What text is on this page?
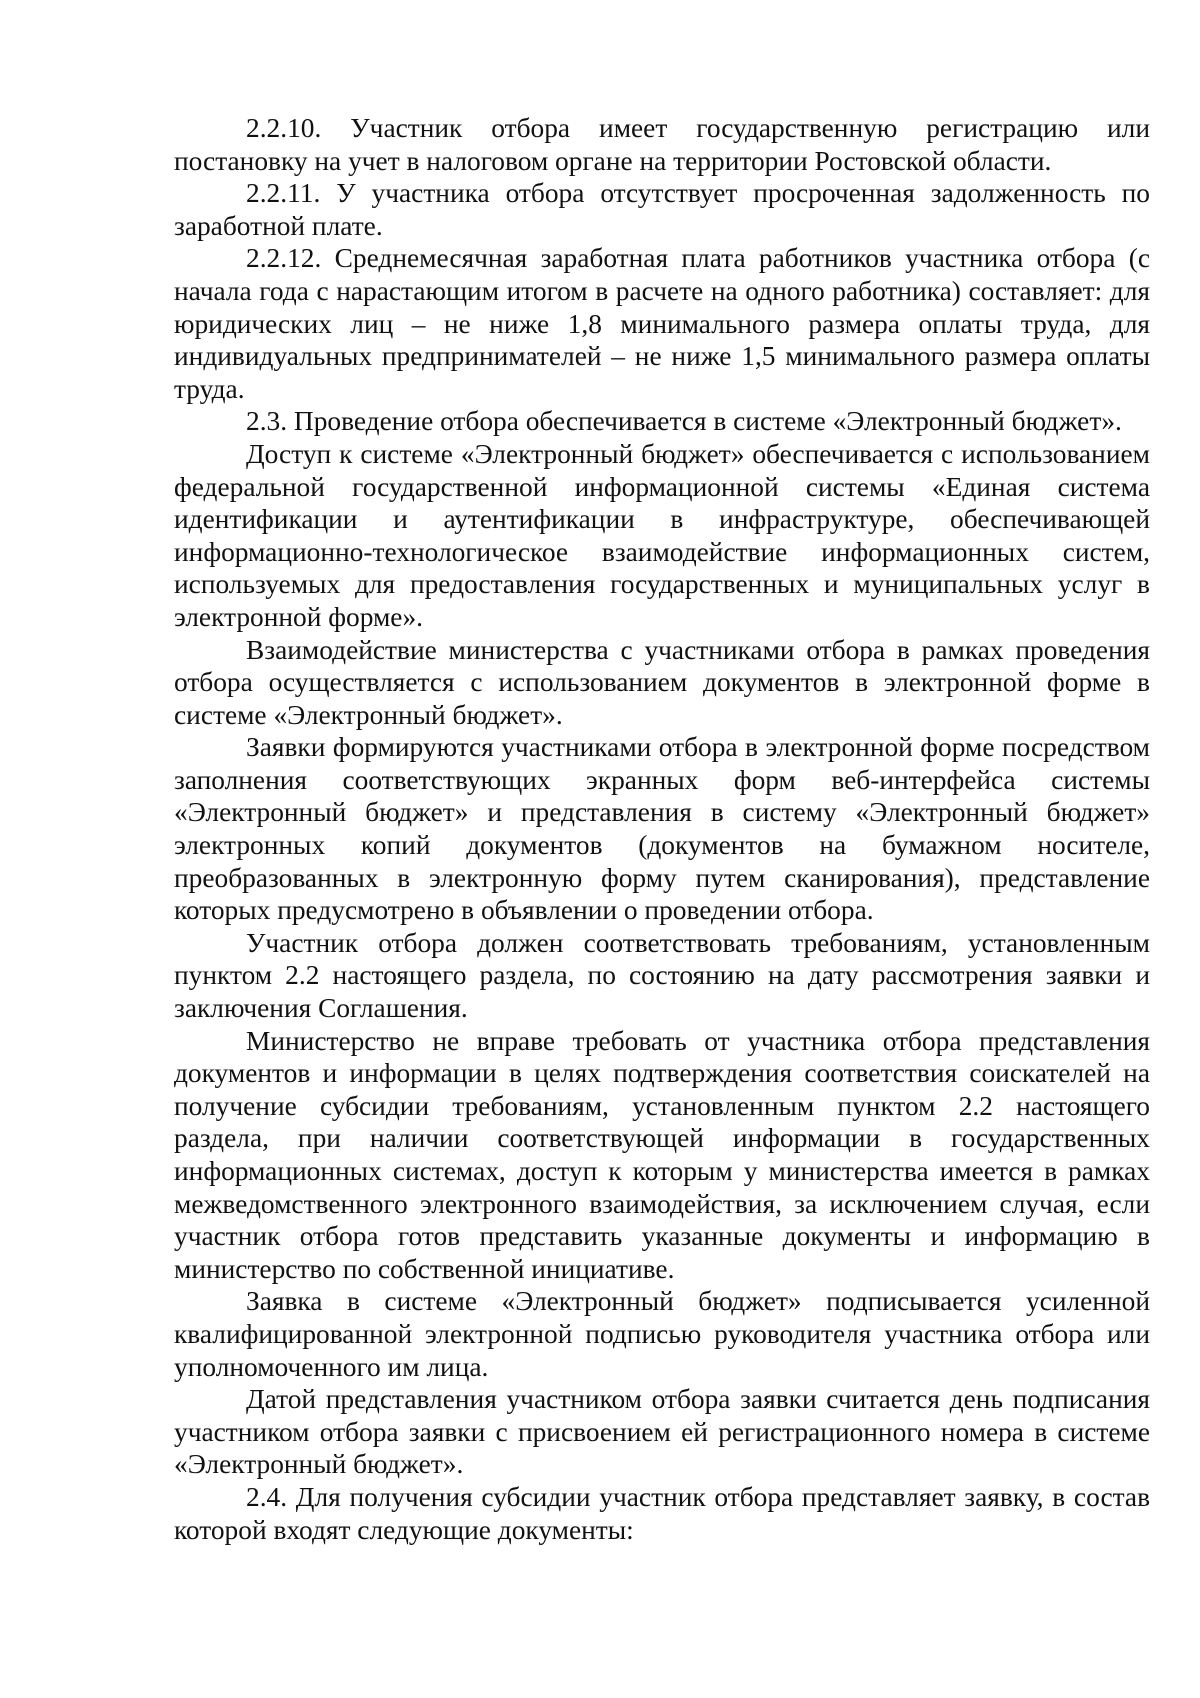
2.2.10. Участник отбора имеет государственную регистрацию или постановку на учет в налоговом органе на территории Ростовской области.

2.2.11. У участника отбора отсутствует просроченная задолженность по заработной плате.

2.2.12. Среднемесячная заработная плата работников участника отбора (с начала года с нарастающим итогом в расчете на одного работника) составляет: для юридических лиц – не ниже 1,8 минимального размера оплаты труда, для индивидуальных предпринимателей – не ниже 1,5 минимального размера оплаты труда.

2.3. Проведение отбора обеспечивается в системе «Электронный бюджет».

Доступ к системе «Электронный бюджет» обеспечивается с использованием федеральной государственной информационной системы «Единая система идентификации и аутентификации в инфраструктуре, обеспечивающей информационно-технологическое взаимодействие информационных систем, используемых для предоставления государственных и муниципальных услуг в электронной форме».

Взаимодействие министерства с участниками отбора в рамках проведения отбора осуществляется с использованием документов в электронной форме в системе «Электронный бюджет».

Заявки формируются участниками отбора в электронной форме посредством заполнения соответствующих экранных форм веб-интерфейса системы «Электронный бюджет» и представления в систему «Электронный бюджет» электронных копий документов (документов на бумажном носителе, преобразованных в электронную форму путем сканирования), представление которых предусмотрено в объявлении о проведении отбора.

Участник отбора должен соответствовать требованиям, установленным пунктом 2.2 настоящего раздела, по состоянию на дату рассмотрения заявки и заключения Соглашения.

Министерство не вправе требовать от участника отбора представления документов и информации в целях подтверждения соответствия соискателей на получение субсидии требованиям, установленным пунктом 2.2 настоящего раздела, при наличии соответствующей информации в государственных информационных системах, доступ к которым у министерства имеется в рамках межведомственного электронного взаимодействия, за исключением случая, если участник отбора готов представить указанные документы и информацию в министерство по собственной инициативе.

Заявка в системе «Электронный бюджет» подписывается усиленной квалифицированной электронной подписью руководителя участника отбора или уполномоченного им лица.

Датой представления участником отбора заявки считается день подписания участником отбора заявки с присвоением ей регистрационного номера в системе «Электронный бюджет».

2.4. Для получения субсидии участник отбора представляет заявку, в состав которой входят следующие документы:
